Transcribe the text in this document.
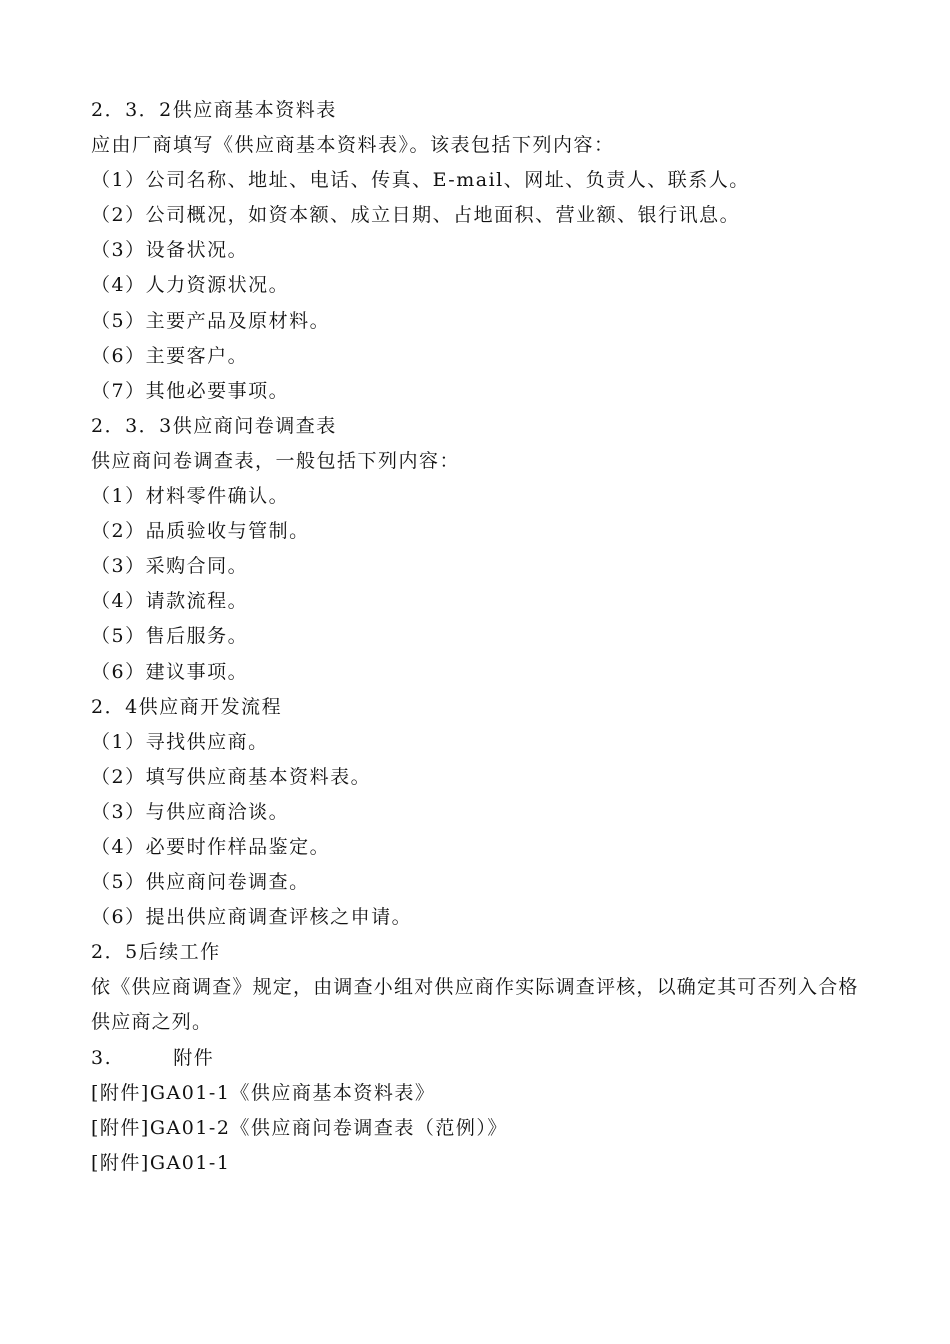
2．3．2供应商基本资料表
应由厂商填写《供应商基本资料表》。该表包括下列内容：
（1）公司名称、地址、电话、传真、E-mail、网址、负责人、联系人。
（2）公司概况，如资本额、成立日期、占地面积、营业额、银行讯息。
（3）设备状况。
（4）人力资源状况。
（5）主要产品及原材料。
（6）主要客户。
（7）其他必要事项。
2．3．3供应商问卷调查表
供应商问卷调查表，一般包括下列内容：
（1）材料零件确认。
（2）品质验收与管制。
（3）采购合同。
（4）请款流程。
（5）售后服务。
（6）建议事项。
2．4供应商开发流程
（1）寻找供应商。
（2）填写供应商基本资料表。
（3）与供应商洽谈。
（4）必要时作样品鉴定。
（5）供应商问卷调查。
（6）提出供应商调查评核之申请。
2．5后续工作
依《供应商调查》规定，由调查小组对供应商作实际调查评核，以确定其可否列入合格供应商之列。
3.	附件
[附件]GA01-1《供应商基本资料表》
[附件]GA01-2《供应商问卷调查表（范例）》
[附件]GA01-1
